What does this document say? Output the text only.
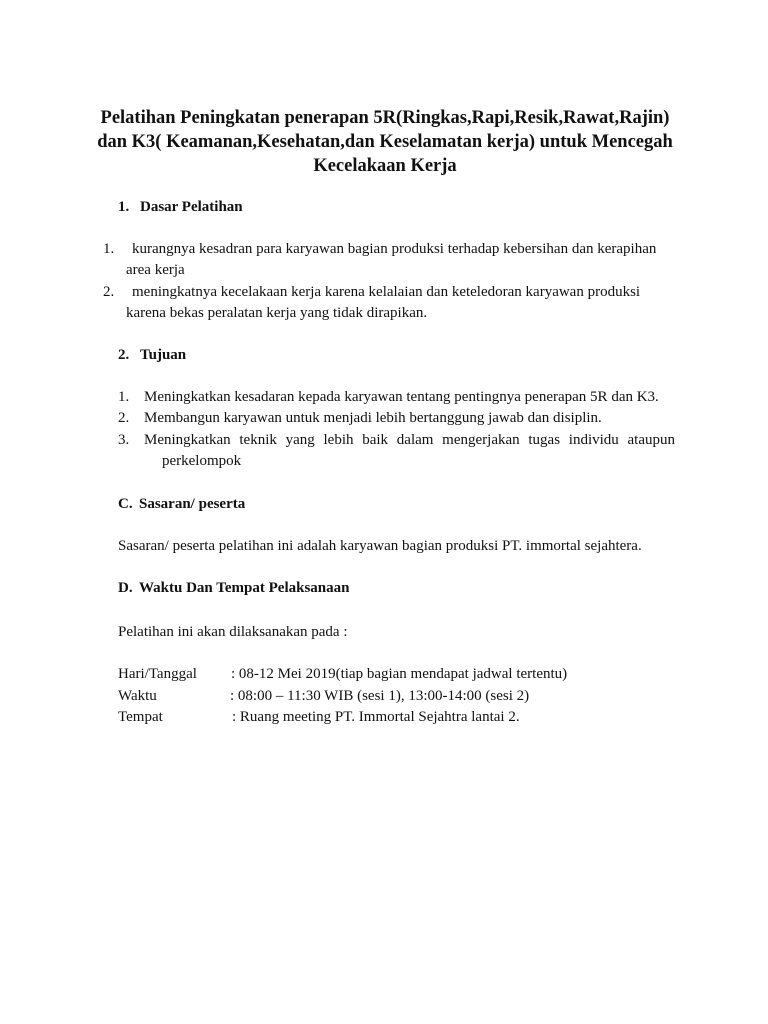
Pelatihan Peningkatan penerapan 5R(Ringkas,Rapi,Resik,Rawat,Rajin)
dan K3( Keamanan,Kesehatan,dan Keselamatan kerja) untuk Mencegah
Kecelakaan Kerja
1. Dasar Pelatihan
1. kurangnya kesadran para karyawan bagian produksi terhadap kebersihan dan kerapihan
area kerja
2. meningkatnya kecelakaan kerja karena kelalaian dan keteledoran karyawan produksi
karena bekas peralatan kerja yang tidak dirapikan.
2. Tujuan
1. Meningkatkan kesadaran kepada karyawan tentang pentingnya penerapan 5R dan K3.
2. Membangun karyawan untuk menjadi lebih bertanggung jawab dan disiplin.
3. Meningkatkan teknik yang lebih baik dalam mengerjakan tugas individu ataupun
perkelompok
C. Sasaran/ peserta
Sasaran/ peserta pelatihan ini adalah karyawan bagian produksi PT. immortal sejahtera.
D. Waktu Dan Tempat Pelaksanaan
Pelatihan ini akan dilaksanakan pada :
Hari/Tanggal : 08-12 Mei 2019(tiap bagian mendapat jadwal tertentu)
Waktu	: 08:00 – 11:30 WIB (sesi 1), 13:00-14:00 (sesi 2)
Tempat	: Ruang meeting PT. Immortal Sejahtra lantai 2.
